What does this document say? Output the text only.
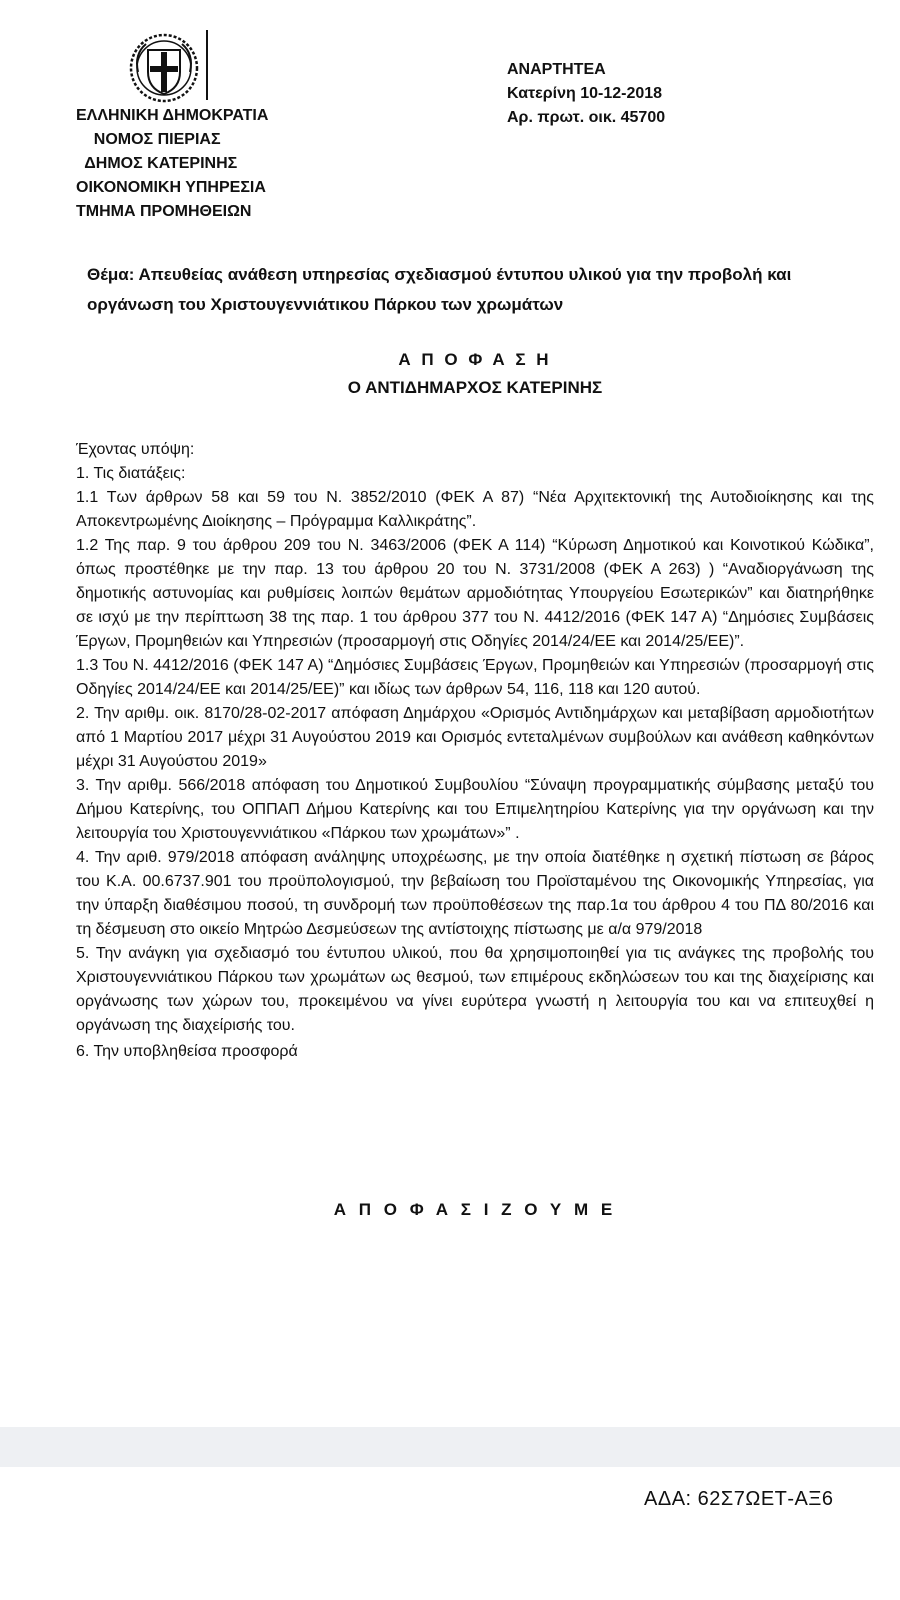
ΕΛΛΗΝΙΚΗ ΔΗΜΟΚΡΑΤΙΑ
ΝΟΜΟΣ ΠΙΕΡΙΑΣ
ΔΗΜΟΣ ΚΑΤΕΡΙΝΗΣ
ΟΙΚΟΝΟΜΙΚΗ ΥΠΗΡΕΣΙΑ
ΤΜΗΜΑ ΠΡΟΜΗΘΕΙΩΝ
ΑΝΑΡΤΗΤΕΑ
Κατερίνη 10-12-2018
Αρ. πρωτ. οικ. 45700
Θέμα: Απευθείας ανάθεση υπηρεσίας σχεδιασμού έντυπου υλικού για την προβολή και οργάνωση του Χριστουγεννιάτικου Πάρκου των χρωμάτων
Α Π Ο Φ Α Σ Η
Ο ΑΝΤΙΔΗΜΑΡΧΟΣ ΚΑΤΕΡΙΝΗΣ

Έχοντας υπόψη:

1. Τις διατάξεις:

1.1 Των άρθρων 58 και 59 του Ν. 3852/2010 (ΦΕΚ Α 87) “Νέα Αρχιτεκτονική της Αυτοδιοίκησης και της Αποκεντρωμένης Διοίκησης – Πρόγραμμα Καλλικράτης”.

1.2 Της παρ. 9 του άρθρου 209 του Ν. 3463/2006 (ΦΕΚ Α 114) “Κύρωση Δημοτικού και Κοινοτικού Κώδικα”, όπως προστέθηκε με την παρ. 13 του άρθρου 20 του Ν. 3731/2008 (ΦΕΚ Α 263) ) “Αναδιοργάνωση της δημοτικής αστυνομίας και ρυθμίσεις λοιπών θεμάτων αρμοδιότητας Υπουργείου Εσωτερικών” και διατηρήθηκε σε ισχύ με την περίπτωση 38 της παρ. 1 του άρθρου 377 του Ν. 4412/2016 (ΦΕΚ 147 Α) “Δημόσιες Συμβάσεις Έργων, Προμηθειών και Υπηρεσιών (προσαρμογή στις Οδηγίες 2014/24/ΕΕ και 2014/25/ΕΕ)”.

1.3 Του Ν. 4412/2016 (ΦΕΚ 147 Α) “Δημόσιες Συμβάσεις Έργων, Προμηθειών και Υπηρεσιών (προσαρμογή στις Οδηγίες 2014/24/ΕΕ και 2014/25/ΕΕ)” και ιδίως των άρθρων 54, 116, 118 και 120 αυτού.

2. Την αριθμ. οικ. 8170/28-02-2017 απόφαση Δημάρχου «Ορισμός Αντιδημάρχων και μεταβίβαση αρμοδιοτήτων από 1 Μαρτίου 2017 μέχρι 31 Αυγούστου 2019 και Ορισμός εντεταλμένων συμβούλων και ανάθεση καθηκόντων μέχρι 31 Αυγούστου 2019»

3. Την αριθμ. 566/2018 απόφαση του Δημοτικού Συμβουλίου “Σύναψη προγραμματικής σύμβασης μεταξύ του Δήμου Κατερίνης, του ΟΠΠΑΠ Δήμου Κατερίνης και του Επιμελητηρίου Κατερίνης για την οργάνωση και την λειτουργία του Χριστουγεννιάτικου «Πάρκου των χρωμάτων»” .

4. Την αριθ. 979/2018 απόφαση ανάληψης υποχρέωσης, με την οποία διατέθηκε η σχετική πίστωση σε βάρος του Κ.Α. 00.6737.901 του προϋπολογισμού, την βεβαίωση του Προϊσταμένου της Οικονομικής Υπηρεσίας, για την ύπαρξη διαθέσιμου ποσού, τη συνδρομή των προϋποθέσεων της παρ.1α του άρθρου 4 του ΠΔ 80/2016 και τη δέσμευση στο οικείο Μητρώο Δεσμεύσεων της αντίστοιχης πίστωσης με α/α 979/2018

5. Την ανάγκη για σχεδιασμό του έντυπου υλικού, που θα χρησιμοποιηθεί για τις ανάγκες της προβολής του Χριστουγεννιάτικου Πάρκου των χρωμάτων ως θεσμού, των επιμέρους εκδηλώσεων του και της διαχείρισης και οργάνωσης των χώρων του, προκειμένου να γίνει ευρύτερα γνωστή η λειτουργία του και να επιτευχθεί η οργάνωση της διαχείρισής του.

6. Την υποβληθείσα προσφορά

Α Π Ο Φ Α Σ Ι Ζ Ο Υ Μ Ε
ΑΔΑ: 62Σ7ΩΕΤ-ΑΞ6
